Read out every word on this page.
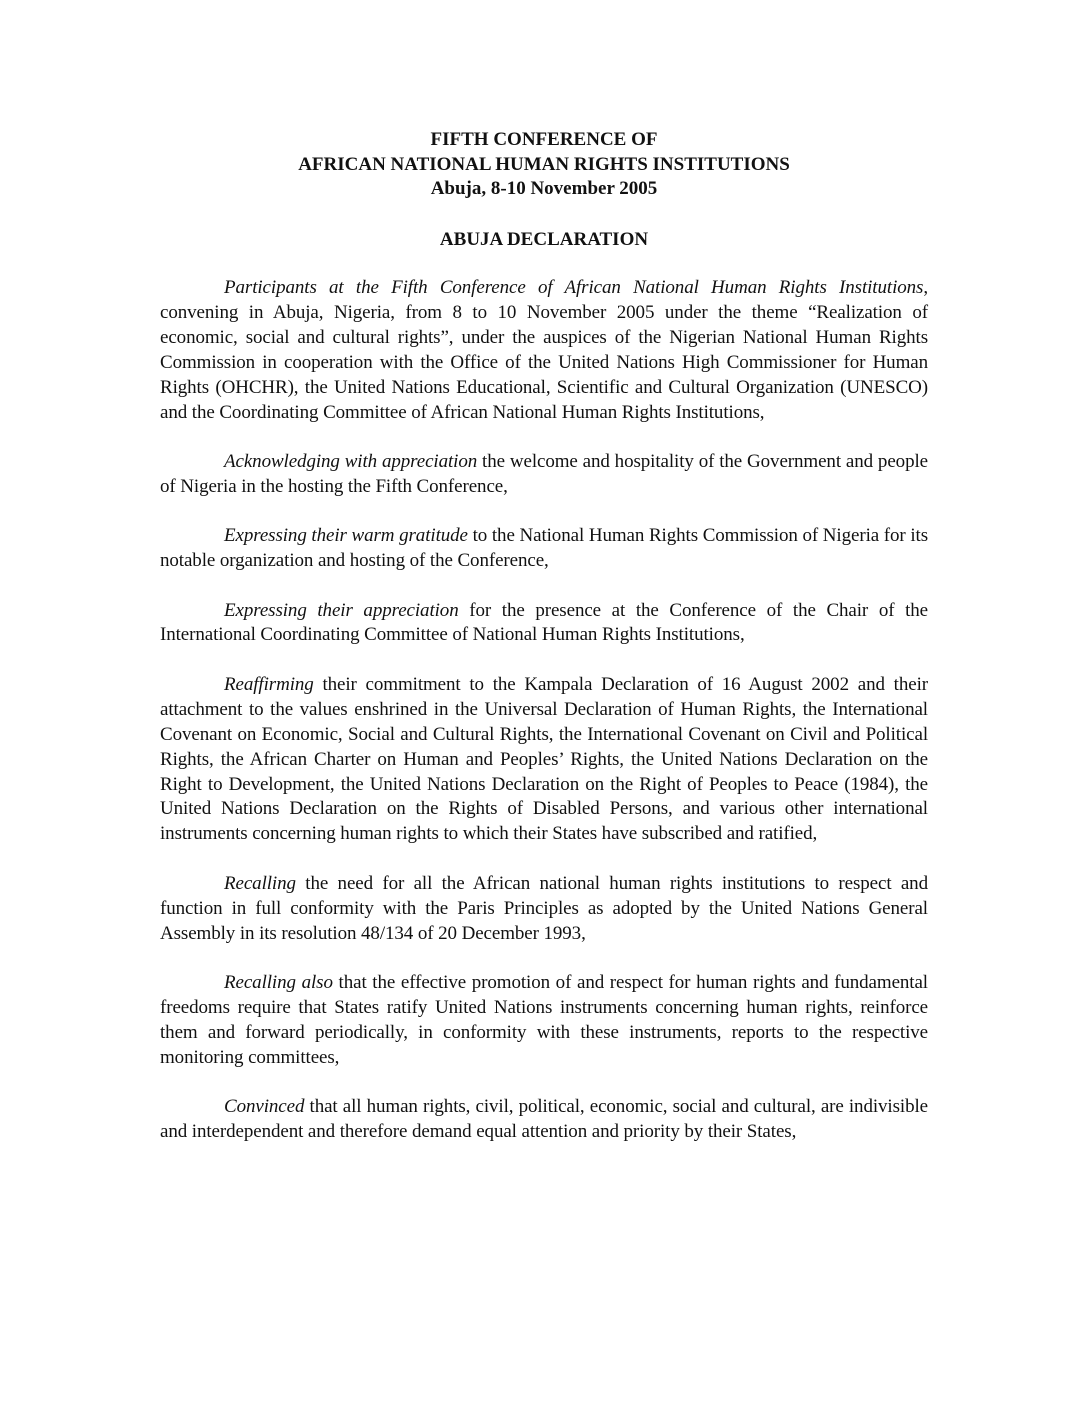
FIFTH CONFERENCE OF

AFRICAN NATIONAL HUMAN RIGHTS INSTITUTIONS

Abuja, 8-10 November 2005

ABUJA DECLARATION

Participants at the Fifth Conference of African National Human Rights Institutions, convening in Abuja, Nigeria, from 8 to 10 November 2005 under the theme “Realization of economic, social and cultural rights”, under the auspices of the Nigerian National Human Rights Commission in cooperation with the Office of the United Nations High Commissioner for Human Rights (OHCHR), the United Nations Educational, Scientific and Cultural Organization (UNESCO) and the Coordinating Committee of African National Human Rights Institutions,

Acknowledging with appreciation the welcome and hospitality of the Government and people of Nigeria in the hosting the Fifth Conference,

Expressing their warm gratitude to the National Human Rights Commission of Nigeria for its notable organization and hosting of the Conference,

Expressing their appreciation for the presence at the Conference of the Chair of the International Coordinating Committee of National Human Rights Institutions,

Reaffirming their commitment to the Kampala Declaration of 16 August 2002 and their attachment to the values enshrined in the Universal Declaration of Human Rights, the International Covenant on Economic, Social and Cultural Rights, the International Covenant on Civil and Political Rights, the African Charter on Human and Peoples’ Rights, the United Nations Declaration on the Right to Development, the United Nations Declaration on the Right of Peoples to Peace (1984), the United Nations Declaration on the Rights of Disabled Persons, and various other international instruments concerning human rights to which their States have subscribed and ratified,

Recalling the need for all the African national human rights institutions to respect and function in full conformity with the Paris Principles as adopted by the United Nations General Assembly in its resolution 48/134 of 20 December 1993,

Recalling also that the effective promotion of and respect for human rights and fundamental freedoms require that States ratify United Nations instruments concerning human rights, reinforce them and forward periodically, in conformity with these instruments, reports to the respective monitoring committees,

Convinced that all human rights, civil, political, economic, social and cultural, are indivisible and interdependent and therefore demand equal attention and priority by their States,
